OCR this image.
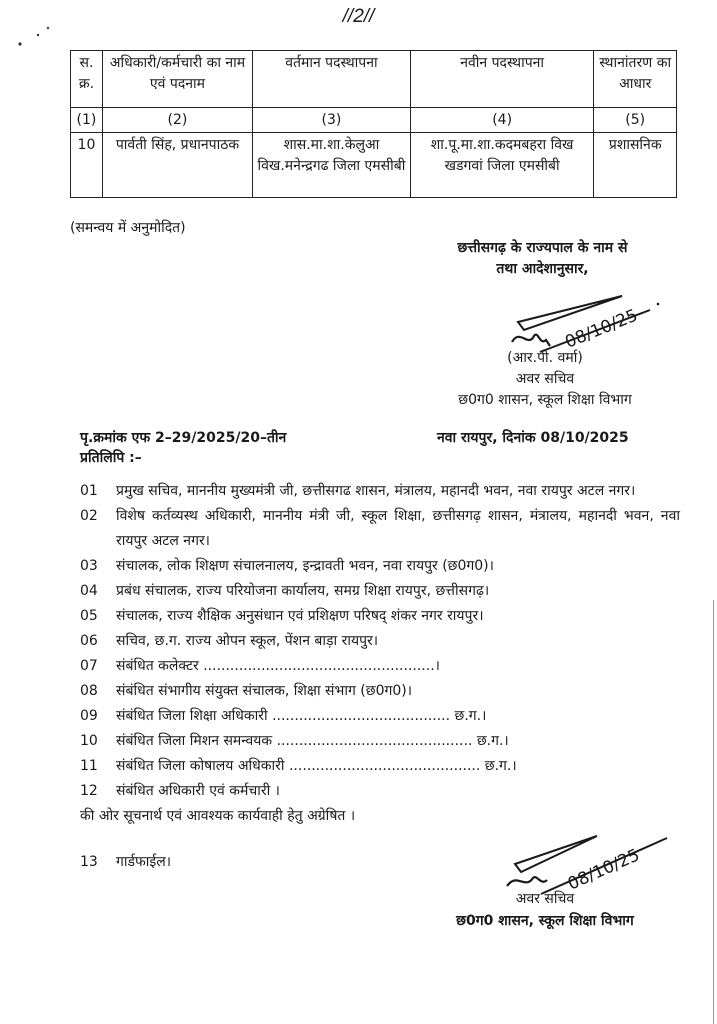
//2//
स. क्र.	अधिकारी/कर्मचारी का नाम एवं पदनाम	वर्तमान पदस्थापना	नवीन पदस्थापना	स्थानांतरण का आधार
(1)	(2)	(3)	(4)	(5)
10	पार्वती सिंह, प्रधानपाठक	शास.मा.शा.केलुआ विख.मनेन्द्रगढ जिला एमसीबी	शा.पू.मा.शा.कदमबहरा विख खडगवां जिला एमसीबी	प्रशासनिक
(समन्वय में अनुमोदित)
छत्तीसगढ़ के राज्यपाल के नाम से
तथा आदेशानुसार,
08/10/25
(आर.पी. वर्मा)
अवर सचिव
छ0ग0 शासन, स्कूल शिक्षा विभाग
पृ.क्रमांक एफ 2–29/2025/20–तीन	नवा रायपुर, दिनांक 08/10/2025
प्रतिलिपि :–
01	प्रमुख सचिव, माननीय मुख्यमंत्री जी, छत्तीसगढ शासन, मंत्रालय, महानदी भवन, नवा रायपुर अटल नगर।
02	विशेष कर्तव्यस्थ अधिकारी, माननीय मंत्री जी, स्कूल शिक्षा, छत्तीसगढ़ शासन, मंत्रालय, महानदी भवन, नवा रायपुर अटल नगर।
03	संचालक, लोक शिक्षण संचालनालय, इन्द्रावती भवन, नवा रायपुर (छ0ग0)।
04	प्रबंध संचालक, राज्य परियोजना कार्यालय, समग्र शिक्षा रायपुर, छत्तीसगढ़।
05	संचालक, राज्य शैक्षिक अनुसंधान एवं प्रशिक्षण परिषद् शंकर नगर रायपुर।
06	सचिव, छ.ग. राज्य ओपन स्कूल, पेंशन बाड़ा रायपुर।
07	संबंधित कलेक्टर ....................................................।
08	संबंधित संभागीय संयुक्त संचालक, शिक्षा संभाग (छ0ग0)।
09	संबंधित जिला शिक्षा अधिकारी ........................................ छ.ग.।
10	संबंधित जिला मिशन समन्वयक ............................................ छ.ग.।
11	संबंधित जिला कोषालय अधिकारी ........................................... छ.ग.।
12	संबंधित अधिकारी एवं कर्मचारी ।
की ओर सूचनार्थ एवं आवश्यक कार्यवाही हेतु अग्रेषित ।
13	गार्डफाईल।	08/10/25
अवर सचिव
छ0ग0 शासन, स्कूल शिक्षा विभाग
